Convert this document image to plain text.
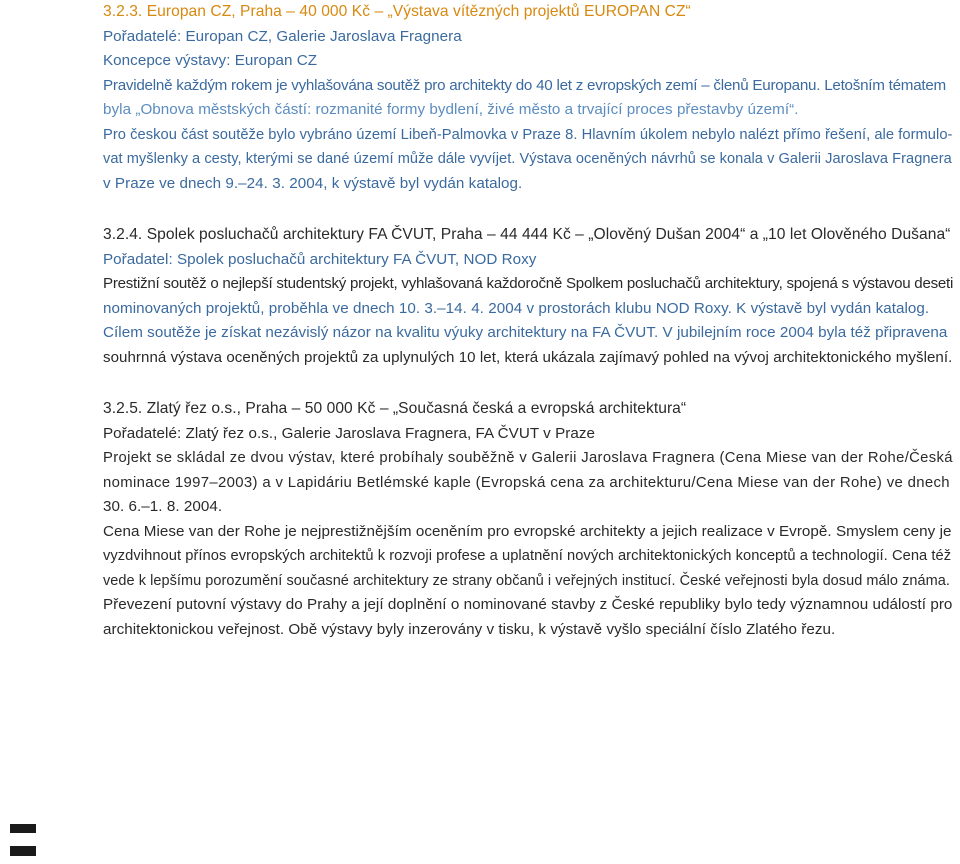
3.2.3. Europan CZ, Praha – 40 000 Kč – „Výstava vítězných projektů EUROPAN CZ“

Pořadatelé: Europan CZ, Galerie Jaroslava Fragnera

Koncepce výstavy: Europan CZ

Pravidelně každým rokem je vyhlašována soutěž pro architekty do 40 let z evropských zemí – členů Europanu. Letošním tématem

byla „Obnova městských částí: rozmanité formy bydlení, živé město a trvající proces přestavby území“.

Pro českou část soutěže bylo vybráno území Libeň-Palmovka v Praze 8. Hlavním úkolem nebylo nalézt přímo řešení, ale formulo-

vat myšlenky a cesty, kterými se dané území může dále vyvíjet. Výstava oceněných návrhů se konala v Galerii Jaroslava Fragnera

v Praze ve dnech 9.–24. 3. 2004, k výstavě byl vydán katalog.

3.2.4. Spolek posluchačů architektury FA ČVUT, Praha – 44 444 Kč – „Olověný Dušan 2004“ a „10 let Olověného Dušana“

Pořadatel: Spolek posluchačů architektury FA ČVUT, NOD Roxy

Prestižní soutěž o nejlepší studentský projekt, vyhlašovaná každoročně Spolkem posluchačů architektury, spojená s výstavou deseti

nominovaných projektů, proběhla ve dnech 10. 3.–14. 4. 2004 v prostorách klubu NOD Roxy. K výstavě byl vydán katalog.

Cílem soutěže je získat nezávislý názor na kvalitu výuky architektury na FA ČVUT. V jubilejním roce 2004 byla též připravena

souhrnná výstava oceněných projektů za uplynulých 10 let, která ukázala zajímavý pohled na vývoj architektonického myšlení.

3.2.5. Zlatý řez o.s., Praha – 50 000 Kč – „Současná česká a evropská architektura“

Pořadatelé: Zlatý řez o.s., Galerie Jaroslava Fragnera, FA ČVUT v Praze

Projekt se skládal ze dvou výstav, které probíhaly souběžně v Galerii Jaroslava Fragnera (Cena Miese van der Rohe/Česká

nominace 1997–2003) a v Lapidáriu Betlémské kaple (Evropská cena za architekturu/Cena Miese van der Rohe) ve dnech

30. 6.–1. 8. 2004.

Cena Miese van der Rohe je nejprestižnějším oceněním pro evropské architekty a jejich realizace v Evropě. Smyslem ceny je

vyzdvihnout přínos evropských architektů k rozvoji profese a uplatnění nových architektonických konceptů a technologií. Cena též

vede k lepšímu porozumění současné architektury ze strany občanů i veřejných institucí. České veřejnosti byla dosud málo známa.

Převezení putovní výstavy do Prahy a její doplnění o nominované stavby z České republiky bylo tedy významnou událostí pro

architektonickou veřejnost. Obě výstavy byly inzerovány v tisku, k výstavě vyšlo speciální číslo Zlatého řezu.
